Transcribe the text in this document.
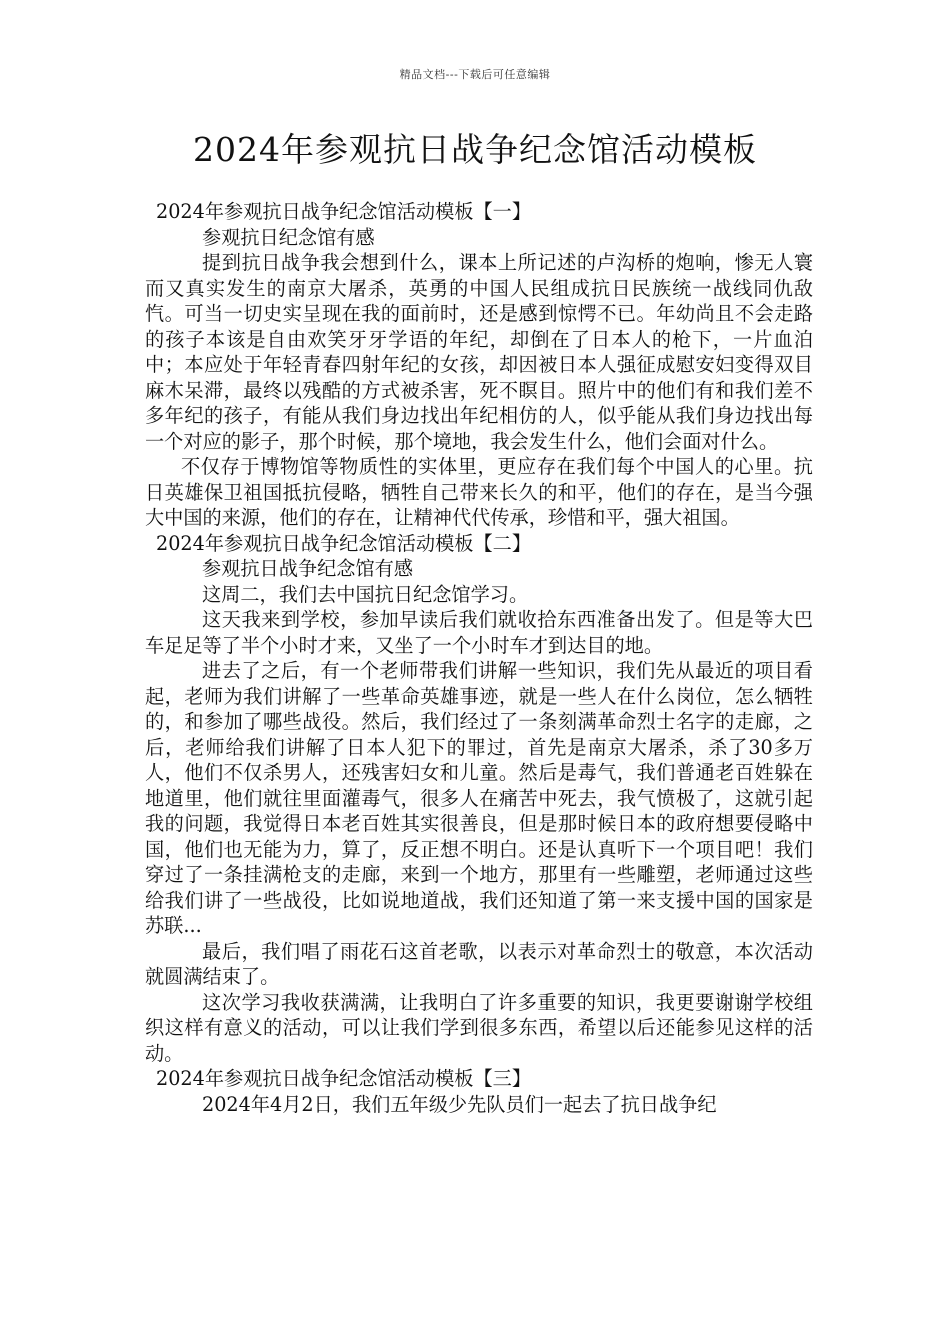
精品文档---下载后可任意编辑
2024年参观抗日战争纪念馆活动模板

2024年参观抗日战争纪念馆活动模板【一】

参观抗日纪念馆有感

提到抗日战争我会想到什么，课本上所记述的卢沟桥的炮响，惨无人寰而又真实发生的南京大屠杀，英勇的中国人民组成抗日民族统一战线同仇敌忾。可当一切史实呈现在我的面前时，还是感到惊愕不已。年幼尚且不会走路的孩子本该是自由欢笑牙牙学语的年纪，却倒在了日本人的枪下，一片血泊中；本应处于年轻青春四射年纪的女孩，却因被日本人强征成慰安妇变得双目麻木呆滞，最终以残酷的方式被杀害，死不瞑目。照片中的他们有和我们差不多年纪的孩子，有能从我们身边找出年纪相仿的人，似乎能从我们身边找出每一个对应的影子，那个时候，那个境地，我会发生什么，他们会面对什么。

不仅存于博物馆等物质性的实体里，更应存在我们每个中国人的心里。抗日英雄保卫祖国抵抗侵略，牺牲自己带来长久的和平，他们的存在，是当今强大中国的来源，他们的存在，让精神代代传承，珍惜和平，强大祖国。

2024年参观抗日战争纪念馆活动模板【二】

参观抗日战争纪念馆有感

这周二，我们去中国抗日纪念馆学习。

这天我来到学校，参加早读后我们就收拾东西准备出发了。但是等大巴车足足等了半个小时才来，又坐了一个小时车才到达目的地。

进去了之后，有一个老师带我们讲解一些知识，我们先从最近的项目看起，老师为我们讲解了一些革命英雄事迹，就是一些人在什么岗位，怎么牺牲的，和参加了哪些战役。然后，我们经过了一条刻满革命烈士名字的走廊，之后，老师给我们讲解了日本人犯下的罪过，首先是南京大屠杀，杀了30多万人，他们不仅杀男人，还残害妇女和儿童。然后是毒气，我们普通老百姓躲在地道里，他们就往里面灌毒气，很多人在痛苦中死去，我气愤极了，这就引起我的问题，我觉得日本老百姓其实很善良，但是那时候日本的政府想要侵略中国，他们也无能为力，算了，反正想不明白。还是认真听下一个项目吧！我们穿过了一条挂满枪支的走廊，来到一个地方，那里有一些雕塑，老师通过这些给我们讲了一些战役，比如说地道战，我们还知道了第一来支援中国的国家是苏联...

最后，我们唱了雨花石这首老歌，以表示对革命烈士的敬意，本次活动就圆满结束了。

这次学习我收获满满，让我明白了许多重要的知识，我更要谢谢学校组织这样有意义的活动，可以让我们学到很多东西，希望以后还能参见这样的活动。

2024年参观抗日战争纪念馆活动模板【三】

2024年4月2日，我们五年级少先队员们一起去了抗日战争纪
